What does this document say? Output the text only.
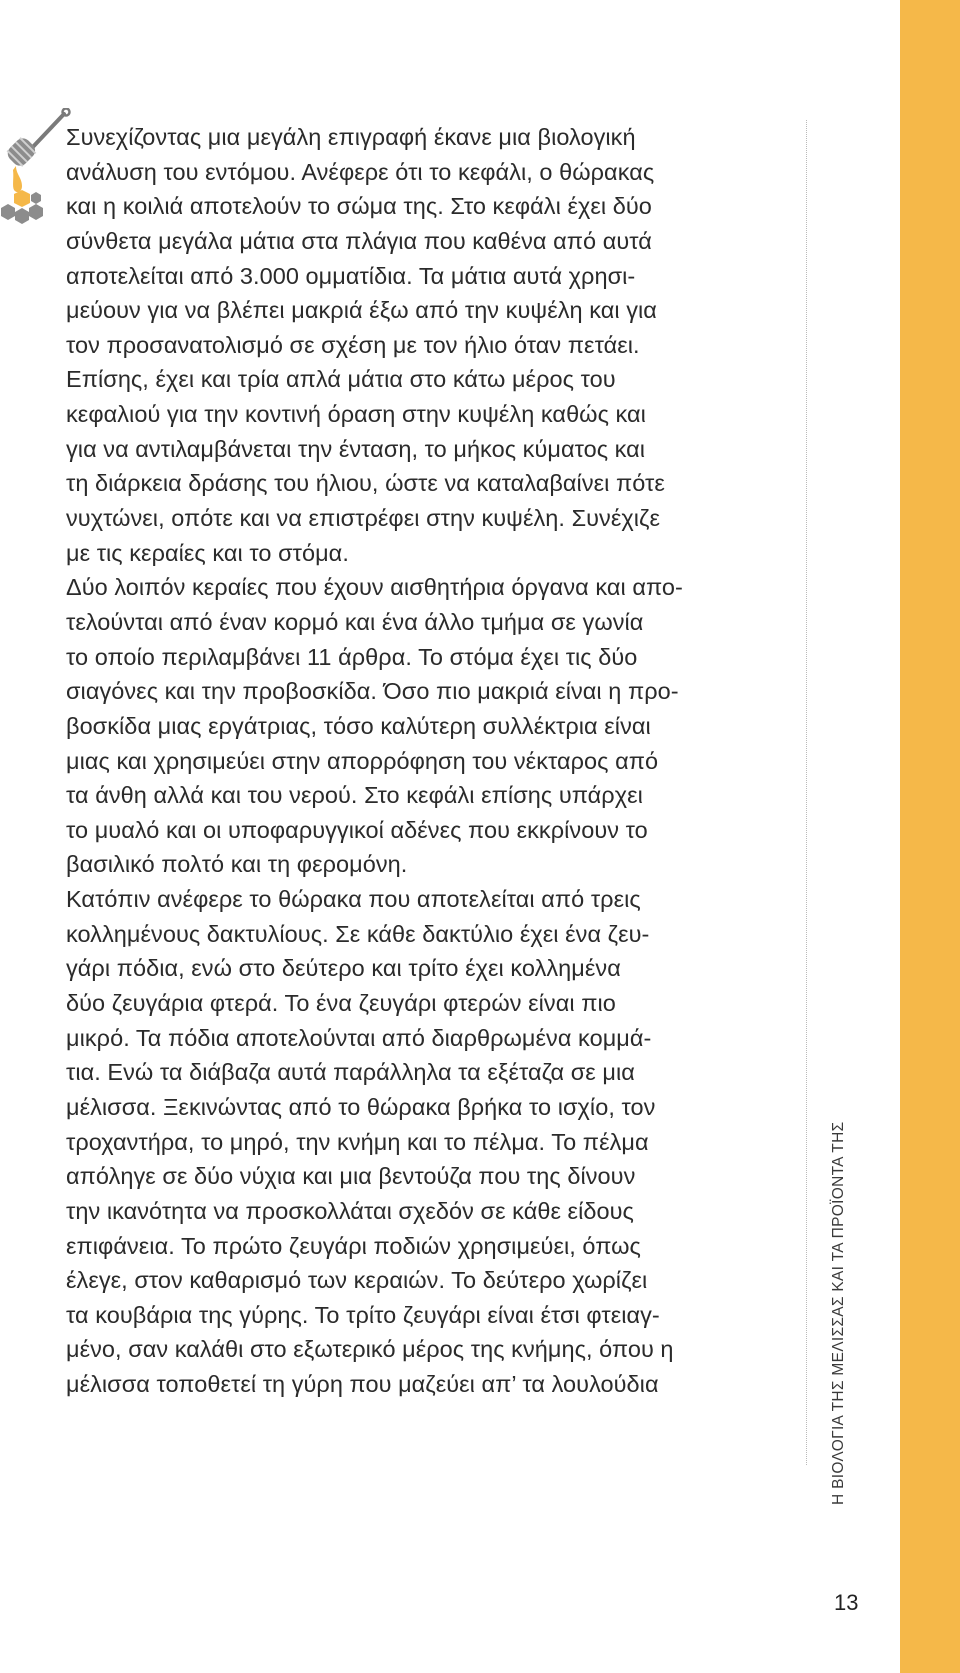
Η ΒΙΟΛΟΓΙΑ ΤΗΣ ΜΕΛΙΣΣΑΣ ΚΑΙ ΤΑ ΠΡΟΪΟΝΤΑ ΤΗΣ
13
Συνεχίζοντας μια μεγάλη επιγραφή έκανε μια βιολογική
ανάλυση του εντόμου. Ανέφερε ότι το κεφάλι, ο θώρακας
και η κοιλιά αποτελούν το σώμα της. Στο κεφάλι έχει δύο
σύνθετα μεγάλα μάτια στα πλάγια που καθένα από αυτά
αποτελείται από 3.000 ομματίδια. Τα μάτια αυτά χρησι-
μεύουν για να βλέπει μακριά έξω από την κυψέλη και για
τον προσανατολισμό σε σχέση με τον ήλιο όταν πετάει.
Επίσης, έχει και τρία απλά μάτια στο κάτω μέρος του
κεφαλιού για την κοντινή όραση στην κυψέλη καθώς και
για να αντιλαμβάνεται την ένταση, το μήκος κύματος και
τη διάρκεια δράσης του ήλιου, ώστε να καταλαβαίνει πότε
νυχτώνει, οπότε και να επιστρέφει στην κυψέλη. Συνέχιζε
με τις κεραίες και το στόμα.
Δύο λοιπόν κεραίες που έχουν αισθητήρια όργανα και απο-
τελούνται από έναν κορμό και ένα άλλο τμήμα σε γωνία
το οποίο περιλαμβάνει 11 άρθρα. Το στόμα έχει τις δύο
σιαγόνες και την προβοσκίδα. Όσο πιο μακριά είναι η προ-
βοσκίδα μιας εργάτριας, τόσο καλύτερη συλλέκτρια είναι
μιας και χρησιμεύει στην απορρόφηση του νέκταρος από
τα άνθη αλλά και του νερού. Στο κεφάλι επίσης υπάρχει
το μυαλό και οι υποφαρυγγικοί αδένες που εκκρίνουν το
βασιλικό πολτό και τη φερομόνη.
Κατόπιν ανέφερε το θώρακα που αποτελείται από τρεις
κολλημένους δακτυλίους. Σε κάθε δακτύλιο έχει ένα ζευ-
γάρι πόδια, ενώ στο δεύτερο και τρίτο έχει κολλημένα
δύο ζευγάρια φτερά. Το ένα ζευγάρι φτερών είναι πιο
μικρό. Τα πόδια αποτελούνται από διαρθρωμένα κομμά-
τια. Ενώ τα διάβαζα αυτά παράλληλα τα εξέταζα σε μια
μέλισσα. Ξεκινώντας από το θώρακα βρήκα το ισχίο, τον
τροχαντήρα, το μηρό, την κνήμη και το πέλμα. Το πέλμα
απόληγε σε δύο νύχια και μια βεντούζα που της δίνουν
την ικανότητα να προσκολλάται σχεδόν σε κάθε είδους
επιφάνεια. Το πρώτο ζευγάρι ποδιών χρησιμεύει, όπως
έλεγε, στον καθαρισμό των κεραιών. Το δεύτερο χωρίζει
τα κουβάρια της γύρης. Το τρίτο ζευγάρι είναι έτσι φτειαγ-
μένο, σαν καλάθι στο εξωτερικό μέρος της κνήμης, όπου η
μέλισσα τοποθετεί τη γύρη που μαζεύει απ’ τα λουλούδια
